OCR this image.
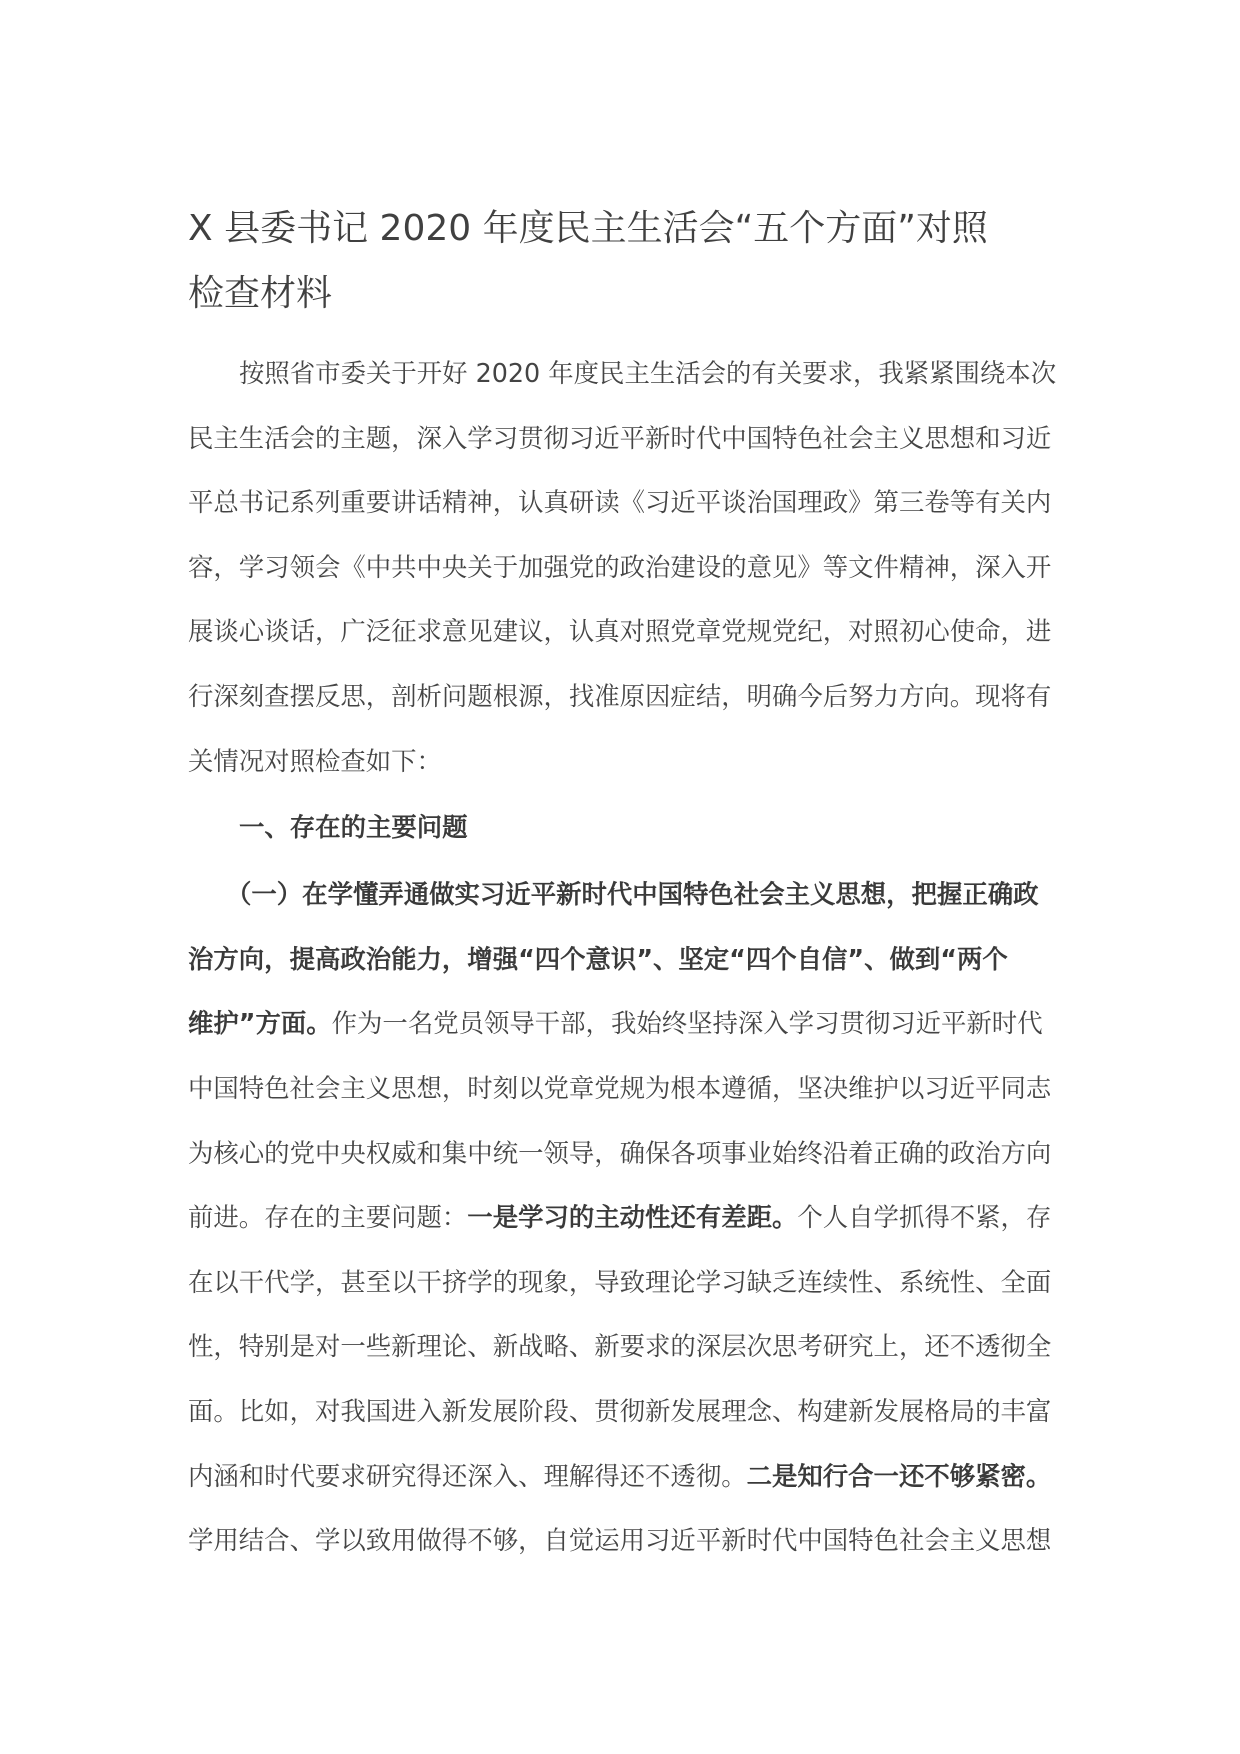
X 县委书记 2020 年度民主生活会“五个方面”对照
检查材料
按照省市委关于开好 2020 年度民主生活会的有关要求，我紧紧围绕本次
民主生活会的主题，深入学习贯彻习近平新时代中国特色社会主义思想和习近
平总书记系列重要讲话精神，认真研读《习近平谈治国理政》第三卷等有关内
容，学习领会《中共中央关于加强党的政治建设的意见》等文件精神，深入开
展谈心谈话，广泛征求意见建议，认真对照党章党规党纪，对照初心使命，进
行深刻查摆反思，剖析问题根源，找准原因症结，明确今后努力方向。现将有
关情况对照检查如下：
一、存在的主要问题
（一）在学懂弄通做实习近平新时代中国特色社会主义思想，把握正确政
治方向，提高政治能力，增强“四个意识”、坚定“四个自信”、做到“两个
维护”方面。作为一名党员领导干部，我始终坚持深入学习贯彻习近平新时代
中国特色社会主义思想，时刻以党章党规为根本遵循，坚决维护以习近平同志
为核心的党中央权威和集中统一领导，确保各项事业始终沿着正确的政治方向
前进。存在的主要问题：一是学习的主动性还有差距。个人自学抓得不紧，存
在以干代学，甚至以干挤学的现象，导致理论学习缺乏连续性、系统性、全面
性，特别是对一些新理论、新战略、新要求的深层次思考研究上，还不透彻全
面。比如，对我国进入新发展阶段、贯彻新发展理念、构建新发展格局的丰富
内涵和时代要求研究得还深入、理解得还不透彻。二是知行合一还不够紧密。
学用结合、学以致用做得不够，自觉运用习近平新时代中国特色社会主义思想
